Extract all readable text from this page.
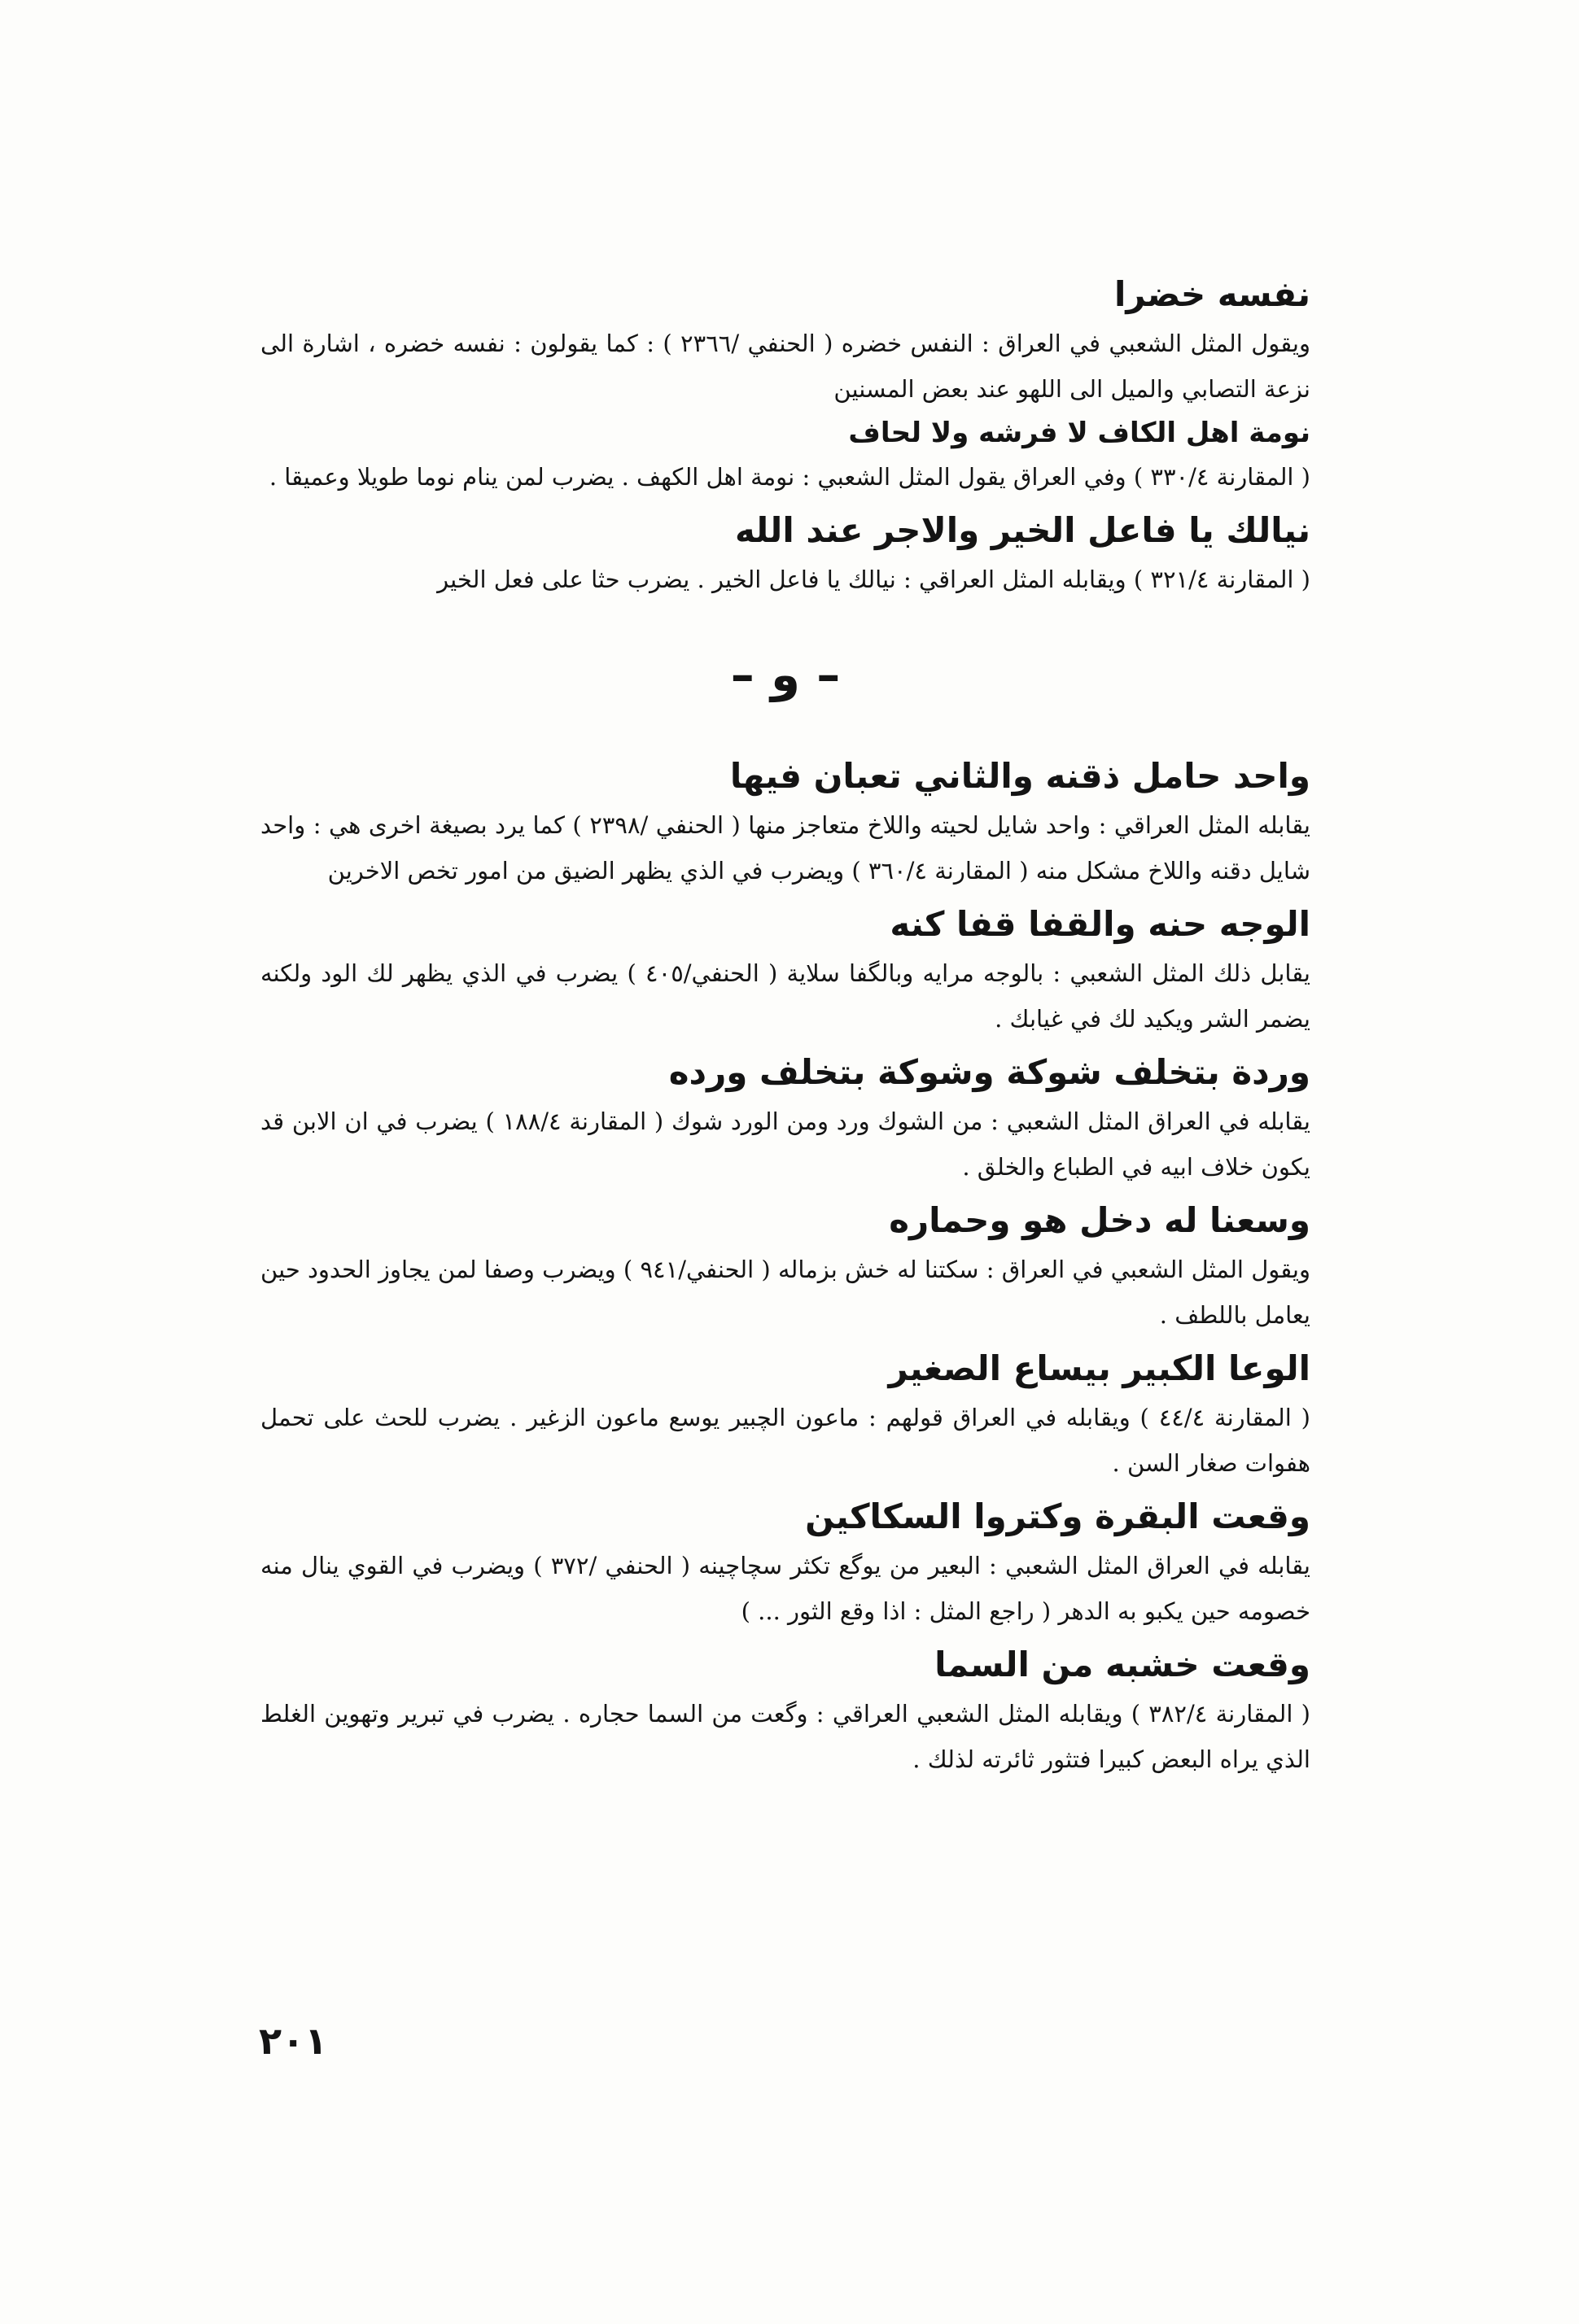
نفسه خضرا

ويقول المثل الشعبي في العراق : النفس خضره ( الحنفي /٢٣٦٦ ) : كما يقولون : نفسه خضره ، اشارة الى نزعة التصابي والميل الى اللهو عند بعض المسنين

نومة اهل الكاف لا فرشه ولا لحاف

( المقارنة ٣٣٠/٤ ) وفي العراق يقول المثل الشعبي : نومة اهل الكهف . يضرب لمن ينام نوما طويلا وعميقا .

نيالك يا فاعل الخير والاجر عند الله

( المقارنة ٣٢١/٤ ) ويقابله المثل العراقي : نيالك يا فاعل الخير . يضرب حثا على فعل الخير

– و –
واحد حامل ذقنه والثاني تعبان فيها

يقابله المثل العراقي : واحد شايل لحيته واللاخ متعاجز منها ( الحنفي /٢٣٩٨ ) كما يرد بصيغة اخرى هي : واحد شايل دقنه واللاخ مشكل منه ( المقارنة ٣٦٠/٤ ) ويضرب في الذي يظهر الضيق من امور تخص الاخرين

الوجه حنه والقفا قفا كنه

يقابل ذلك المثل الشعبي : بالوجه مرايه وبالگفا سلاية ( الحنفي/٤٠٥ ) يضرب في الذي يظهر لك الود ولكنه يضمر الشر ويكيد لك في غيابك .

وردة بتخلف شوكة وشوكة بتخلف ورده

يقابله في العراق المثل الشعبي : من الشوك ورد ومن الورد شوك ( المقارنة ١٨٨/٤ ) يضرب في ان الابن قد يكون خلاف ابيه في الطباع والخلق .

وسعنا له دخل هو وحماره

ويقول المثل الشعبي في العراق : سكتنا له خش بزماله ( الحنفي/٩٤١ ) ويضرب وصفا لمن يجاوز الحدود حين يعامل باللطف .

الوعا الكبير بيساع الصغير

( المقارنة ٤٤/٤ ) ويقابله في العراق قولهم : ماعون الچبير يوسع ماعون الزغير . يضرب للحث على تحمل هفوات صغار السن .

وقعت البقرة وكتروا السكاكين

يقابله في العراق المثل الشعبي : البعير من يوگع تكثر سچاچينه ( الحنفي /٣٧٢ ) ويضرب في القوي ينال منه خصومه حين يكبو به الدهر ( راجع المثل : اذا وقع الثور ... )

وقعت خشبه من السما

( المقارنة ٣٨٢/٤ ) ويقابله المثل الشعبي العراقي : وگعت من السما حجاره . يضرب في تبرير وتهوين الغلط الذي يراه البعض كبيرا فتثور ثائرته لذلك .

٢٠١
